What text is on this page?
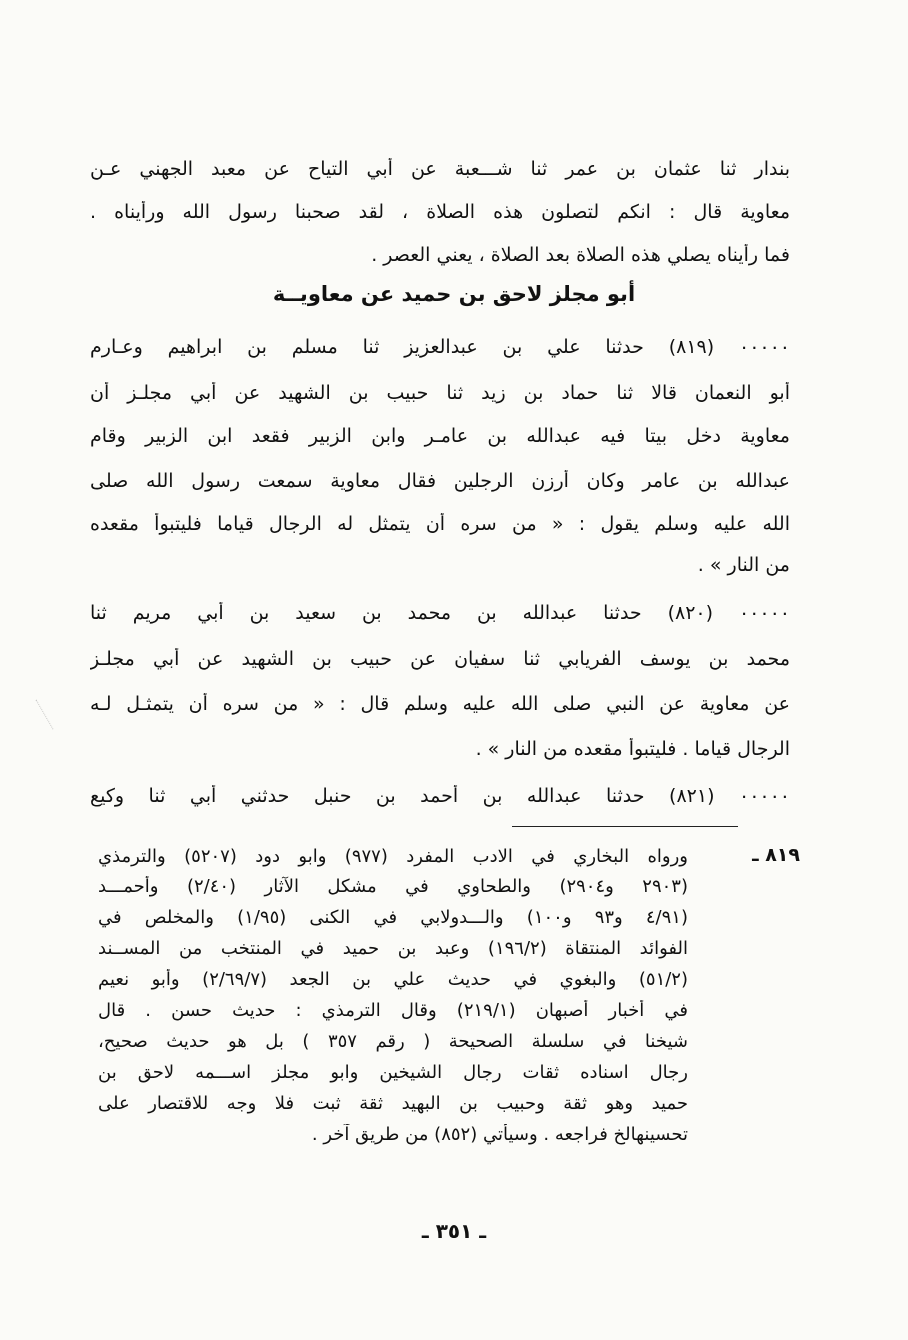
بندار ثنا عثمان بن عمر ثنا شـــعبة عن أبي التياح عن معبد الجهني عـن
معاوية قال : انكم لتصلون هذه الصلاة ، لقد صحبنا رسول الله ورأيناه .
فما رأيناه يصلي هذه الصلاة بعد الصلاة ، يعني العصر .
أبو مجلز لاحق بن حميد عن معاويــة
٠٠٠٠٠ (٨١٩) حدثنا علي بن عبدالعزيز ثنا مسلم بن ابراهيم وعـارم
أبو النعمان قالا ثنا حماد بن زيد ثنا حبيب بن الشهيد عن أبي مجلـز أن
معاوية دخل بيتا فيه عبدالله بن عامـر وابن الزبير فقعد ابن الزبير وقام
عبدالله بن عامر وكان أرزن الرجلين فقال معاوية سمعت رسول الله صلى
الله عليه وسلم يقول : « من سره أن يتمثل له الرجال قياما فليتبوأ مقعده
من النار » .
٠٠٠٠٠ (٨٢٠) حدثنا عبدالله بن محمد بن سعيد بن أبي مريم ثنا
محمد بن يوسف الفريابي ثنا سفيان عن حبيب بن الشهيد عن أبي مجلـز
عن معاوية عن النبي صلى الله عليه وسلم قال : « من سره أن يتمثـل لـه
الرجال قياما . فليتبوأ مقعده من النار » .
٠٠٠٠٠ (٨٢١) حدثنا عبدالله بن أحمد بن حنبل حدثني أبي ثنا وكيع
٨١٩ ـ
ورواه البخاري في الادب المفرد (٩٧٧) وابو دود (٥٢٠٧) والترمذي
(٢٩٠٣ و٢٩٠٤) والطحاوي في مشكل الآثار (٢/٤٠) وأحمـــد
(٤/٩١ و٩٣ و١٠٠) والـــدولابي في الكنى (١/٩٥) والمخلص في
الفوائد المنتقاة (١٩٦/٢) وعبد بن حميد في المنتخب من المســند
(٥١/٢) والبغوي في حديث علي بن الجعد (٢/٦٩/٧) وأبو نعيم
في أخبار أصبهان (٢١٩/١) وقال الترمذي : حديث حسن . قال
شيخنا في سلسلة الصحيحة ( رقم ٣٥٧ ) بل هو حديث صحيح،
رجال اسناده ثقات رجال الشيخين وابو مجلز اســـمه لاحق بن
حميد وهو ثقة وحبيب بن البهيد ثقة ثبت فلا وجه للاقتصار على
تحسينهالخ فراجعه . وسيأتي (٨٥٢) من طريق آخر .
ـ ٣٥١ ـ
